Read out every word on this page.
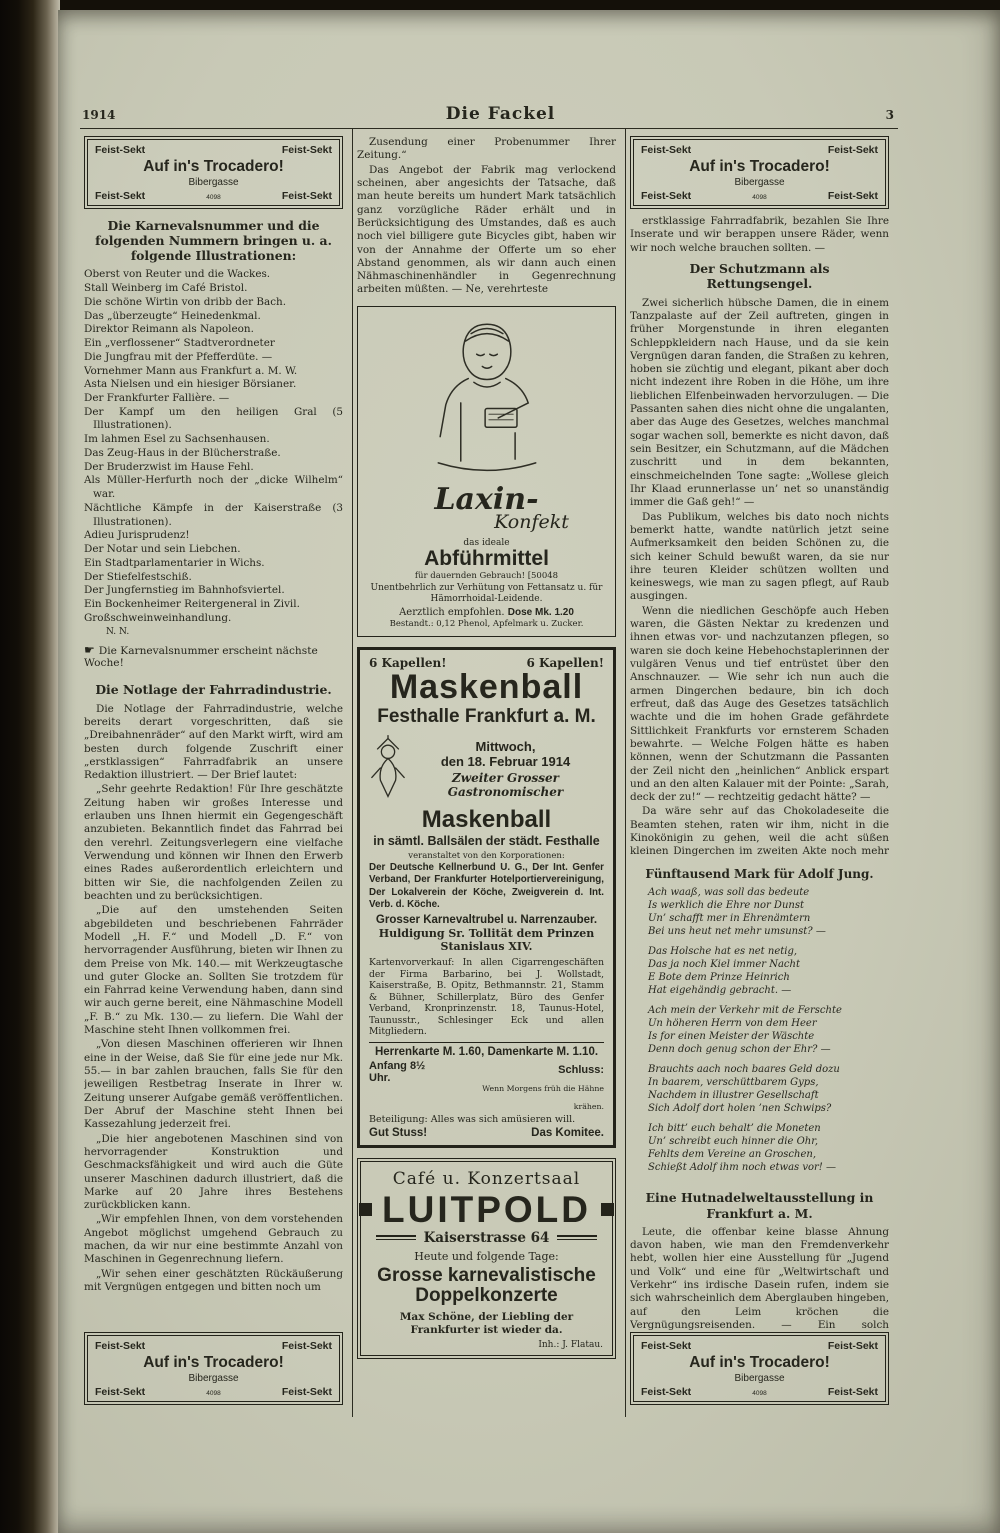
1914	Die Fackel	3
Feist-Sekt	Feist-Sekt
Auf in's Trocadero!
Bibergasse
Feist-Sekt	4098	Feist-Sekt
Die Karnevalsnummer und die folgenden Nummern bringen u. a. folgende Illustrationen:

Oberst von Reuter und die Wackes.

Stall Weinberg im Café Bristol.

Die schöne Wirtin von dribb der Bach.

Das „überzeugte“ Heinedenkmal.

Direktor Reimann als Napoleon.

Ein „verflossener“ Stadtverordneter

Die Jungfrau mit der Pfefferdüte. —

Vornehmer Mann aus Frankfurt a. M. W.

Asta Nielsen und ein hiesiger Börsianer.

Der Frankfurter Fallière. —

Der Kampf um den heiligen Gral (5 Illustrationen).

Im lahmen Esel zu Sachsenhausen.

Das Zeug-Haus in der Blücherstraße.

Der Bruderzwist im Hause Fehl.

Als Müller-Herfurth noch der „dicke Wilhelm“ war.

Nächtliche Kämpfe in der Kaiserstraße (3 Illustrationen).

Adieu Jurisprudenz!

Der Notar und sein Liebchen.

Ein Stadtparlamentarier in Wichs.

Der Stiefelfestschiß.

Der Jungfernstieg im Bahnhofsviertel.

Ein Bockenheimer Reitergeneral in Zivil.

Großschweinweinhandlung.

N. N.
☛ Die Karnevalsnummer erscheint nächste Woche!
Die Notlage der Fahrradindustrie.

Die Notlage der Fahrradindustrie, welche bereits derart vorgeschritten, daß sie „Dreibahnenräder“ auf den Markt wirft, wird am besten durch folgende Zuschrift einer „erstklassigen“ Fahrradfabrik an unsere Redaktion illustriert. — Der Brief lautet:

„Sehr geehrte Redaktion! Für Ihre geschätzte Zeitung haben wir großes Interesse und erlauben uns Ihnen hiermit ein Gegengeschäft anzubieten. Bekanntlich findet das Fahrrad bei den verehrl. Zeitungsverlegern eine vielfache Verwendung und können wir Ihnen den Erwerb eines Rades außerordentlich erleichtern und bitten wir Sie, die nachfolgenden Zeilen zu beachten und zu berücksichtigen.

„Die auf den umstehenden Seiten abgebildeten und beschriebenen Fahrräder Modell „H. F.“ und Modell „D. F.“ von hervorragender Ausführung, bieten wir Ihnen zu dem Preise von Mk. 140.— mit Werkzeugtasche und guter Glocke an. Sollten Sie trotzdem für ein Fahrrad keine Verwendung haben, dann sind wir auch gerne bereit, eine Nähmaschine Modell „F. B.“ zu Mk. 130.— zu liefern. Die Wahl der Maschine steht Ihnen vollkommen frei.

„Von diesen Maschinen offerieren wir Ihnen eine in der Weise, daß Sie für eine jede nur Mk. 55.— in bar zahlen brauchen, falls Sie für den jeweiligen Restbetrag Inserate in Ihrer w. Zeitung unserer Aufgabe gemäß veröffentlichen. Der Abruf der Maschine steht Ihnen bei Kassezahlung jederzeit frei.

„Die hier angebotenen Maschinen sind von hervorragender Konstruktion und Geschmacksfähigkeit und wird auch die Güte unserer Maschinen dadurch illustriert, daß die Marke auf 20 Jahre ihres Bestehens zurückblicken kann.

„Wir empfehlen Ihnen, von dem vorstehenden Angebot möglichst umgehend Gebrauch zu machen, da wir nur eine bestimmte Anzahl von Maschinen in Gegenrechnung liefern.

„Wir sehen einer geschätzten Rückäußerung mit Vergnügen entgegen und bitten noch um

Feist-Sekt	Feist-Sekt
Auf in's Trocadero!
Bibergasse
Feist-Sekt	4098	Feist-Sekt

Zusendung einer Probenummer Ihrer Zeitung.“

Das Angebot der Fabrik mag verlockend scheinen, aber angesichts der Tatsache, daß man heute bereits um hundert Mark tatsächlich ganz vorzügliche Räder erhält und in Berücksichtigung des Umstandes, daß es auch noch viel billigere gute Bicycles gibt, haben wir von der Annahme der Offerte um so eher Abstand genommen, als wir dann auch einen Nähmaschinenhändler in Gegenrechnung arbeiten müßten. — Ne, verehrteste

Laxin-
Konfekt
das ideale
Abführmittel
für dauernden Gebrauch! [50048
Unentbehrlich zur Verhütung von Fettansatz u. für Hämorrhoidal-Leidende.
Aerztlich empfohlen. Dose Mk. 1.20
Bestandt.: 0,12 Phenol, Apfelmark u. Zucker.
6 Kapellen!	6 Kapellen!
Maskenball
Festhalle Frankfurt a. M.
Mittwoch,
den 18. Februar 1914
Zweiter Grosser Gastronomischer
Maskenball
in sämtl. Ballsälen der städt. Festhalle
veranstaltet von den Korporationen:
Der Deutsche Kellnerbund U. G., Der Int. Genfer Verband, Der Frankfurter Hotelportiervereinigung, Der Lokalverein der Köche, Zweigverein d. Int. Verb. d. Köche.
Grosser Karnevaltrubel u. Narrenzauber.
Huldigung Sr. Tollität dem Prinzen Stanislaus XIV.
Kartenvorverkauf: In allen Cigarrengeschäften der Firma Barbarino, bei J. Wollstadt, Kaiserstraße, B. Opitz, Bethmannstr. 21, Stamm & Bühner, Schillerplatz, Büro des Genfer Verband, Kronprinzenstr. 18, Taunus-Hotel, Taunusstr., Schlesinger Eck und allen Mitgliedern.
Herrenkarte M. 1.60, Damenkarte M. 1.10.
Anfang 8½ Uhr.
Schluss:
Wenn Morgens früh die Hähne krähen.
Beteiligung: Alles was sich amüsieren will.
Gut Stuss!	Das Komitee.
Café u. Konzertsaal
LUITPOLD
Kaiserstrasse 64
Heute und folgende Tage:
Grosse karnevalistische
Doppelkonzerte
Max Schöne, der Liebling der Frankfurter ist wieder da.
Inh.: J. Flatau.
Feist-Sekt	Feist-Sekt
Auf in's Trocadero!
Bibergasse
Feist-Sekt	4098	Feist-Sekt

erstklassige Fahrradfabrik, bezahlen Sie Ihre Inserate und wir berappen unsere Räder, wenn wir noch welche brauchen sollten. —

Der Schutzmann als Rettungsengel.

Zwei sicherlich hübsche Damen, die in einem Tanzpalaste auf der Zeil auftreten, gingen in früher Morgenstunde in ihren eleganten Schleppkleidern nach Hause, und da sie kein Vergnügen daran fanden, die Straßen zu kehren, hoben sie züchtig und elegant, pikant aber doch nicht indezent ihre Roben in die Höhe, um ihre lieblichen Elfenbeinwaden hervorzulugen. — Die Passanten sahen dies nicht ohne die ungalanten, aber das Auge des Gesetzes, welches manchmal sogar wachen soll, bemerkte es nicht davon, daß sein Besitzer, ein Schutzmann, auf die Mädchen zuschritt und in dem bekannten, einschmeichelnden Tone sagte: „Wollese gleich Ihr Klaad erunnerlasse un’ net so unanständig immer die Gaß geh!“ —

Das Publikum, welches bis dato noch nichts bemerkt hatte, wandte natürlich jetzt seine Aufmerksamkeit den beiden Schönen zu, die sich keiner Schuld bewußt waren, da sie nur ihre teuren Kleider schützen wollten und keineswegs, wie man zu sagen pflegt, auf Raub ausgingen.

Wenn die niedlichen Geschöpfe auch Heben waren, die Gästen Nektar zu kredenzen und ihnen etwas vor- und nachzutanzen pflegen, so waren sie doch keine Hebehochstaplerinnen der vulgären Venus und tief entrüstet über den Anschnauzer. — Wie sehr ich nun auch die armen Dingerchen bedaure, bin ich doch erfreut, daß das Auge des Gesetzes tatsächlich wachte und die im hohen Grade gefährdete Sittlichkeit Frankfurts vor ernsterem Schaden bewahrte. — Welche Folgen hätte es haben können, wenn der Schutzmann die Passanten der Zeil nicht den „heinlichen“ Anblick erspart und an den alten Kalauer mit der Pointe: „Sarah, deck der zu!“ — rechtzeitig gedacht hätte? —

Da wäre sehr auf das Chokoladeseite die Beamten stehen, raten wir ihm, nicht in die Kinokönigin zu gehen, weil die acht süßen kleinen Dingerchen im zweiten Akte noch mehr

Fünftausend Mark für Adolf Jung.

Ach waaß, was soll das bedeute
Is werklich die Ehre nor Dunst
Un’ schafft mer in Ehrenämtern
Bei uns heut net mehr umsunst? —

Das Holsche hat es net netig,
Das ja noch Kiel immer Nacht
E Bote dem Prinze Heinrich
Hat eigehändig gebracht. —

Ach mein der Verkehr mit de Ferschte
Un höheren Herrn von dem Heer
Is for einen Meister der Wäschte
Denn doch genug schon der Ehr? —

Brauchts aach noch baares Geld dozu
In baarem, verschüttbarem Gyps,
Nachdem in illustrer Gesellschaft
Sich Adolf dort holen ’nen Schwips?

Ich bitt’ euch behalt’ die Moneten
Un’ schreibt euch hinner die Ohr,
Fehlts dem Vereine an Groschen,
Schießt Adolf ihm noch etwas vor! —

Eine Hutnadelweltausstellung in Frankfurt a. M.

Leute, die offenbar keine blasse Ahnung davon haben, wie man den Fremdenverkehr hebt, wollen hier eine Ausstellung für „Jugend und Volk“ und eine für „Weltwirtschaft und Verkehr“ ins irdische Dasein rufen, indem sie sich wahrscheinlich dem Aberglauben hingeben, auf den Leim kröchen die Vergnügungsreisenden. — Ein solch

Feist-Sekt	Feist-Sekt
Auf in's Trocadero!
Bibergasse
Feist-Sekt	4098	Feist-Sekt
